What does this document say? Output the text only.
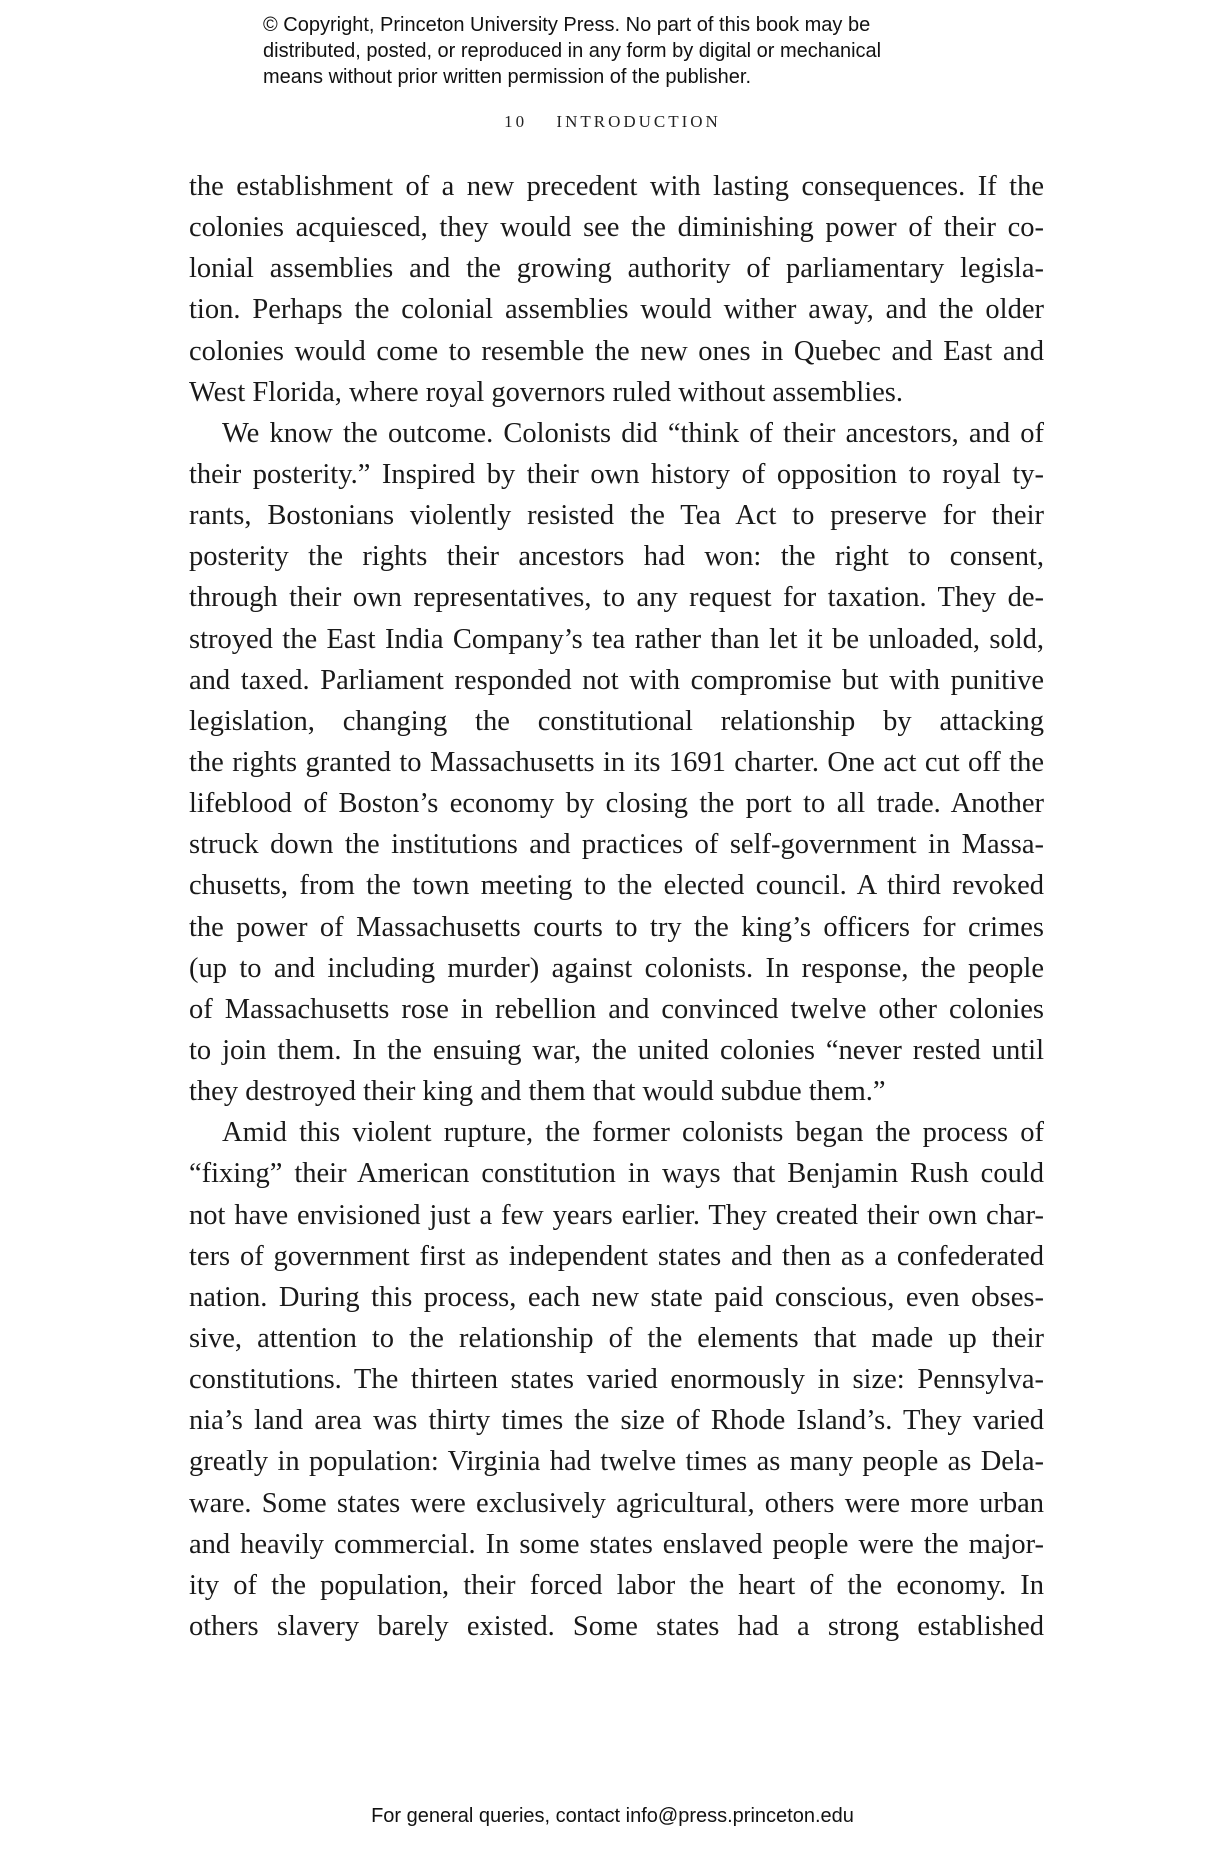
© Copyright, Princeton University Press. No part of this book may be
distributed, posted, or reproduced in any form by digital or mechanical
means without prior written permission of the publisher.
10 INTRODUCTION
the establishment of a new precedent with lasting consequences. If the
colonies acquiesced, they would see the diminishing power of their co-
lonial assemblies and the growing authority of parliamentary legisla-
tion. Perhaps the colonial assemblies would wither away, and the older
colonies would come to resemble the new ones in Quebec and East and
West Florida, where royal governors ruled without assemblies.
We know the outcome. Colonists did “think of their ancestors, and of
their posterity.” Inspired by their own history of opposition to royal ty-
rants, Bostonians violently resisted the Tea Act to preserve for their
posterity the rights their ancestors had won: the right to consent,
through their own representatives, to any request for taxation. They de-
stroyed the East India Company’s tea rather than let it be unloaded, sold,
and taxed. Parliament responded not with compromise but with punitive
legislation, changing the constitutional relationship by attacking
the rights granted to Massachusetts in its 1691 charter. One act cut off the
lifeblood of Boston’s economy by closing the port to all trade. Another
struck down the institutions and practices of self-government in Massa-
chusetts, from the town meeting to the elected council. A third revoked
the power of Massachusetts courts to try the king’s officers for crimes
(up to and including murder) against colonists. In response, the people
of Massachusetts rose in rebellion and convinced twelve other colonies
to join them. In the ensuing war, the united colonies “never rested until
they destroyed their king and them that would subdue them.”
Amid this violent rupture, the former colonists began the process of
“fixing” their American constitution in ways that Benjamin Rush could
not have envisioned just a few years earlier. They created their own char-
ters of government first as independent states and then as a confederated
nation. During this process, each new state paid conscious, even obses-
sive, attention to the relationship of the elements that made up their
constitutions. The thirteen states varied enormously in size: Pennsylva-
nia’s land area was thirty times the size of Rhode Island’s. They varied
greatly in population: Virginia had twelve times as many people as Dela-
ware. Some states were exclusively agricultural, others were more urban
and heavily commercial. In some states enslaved people were the major-
ity of the population, their forced labor the heart of the economy. In
others slavery barely existed. Some states had a strong established
For general queries, contact info@press.princeton.edu
